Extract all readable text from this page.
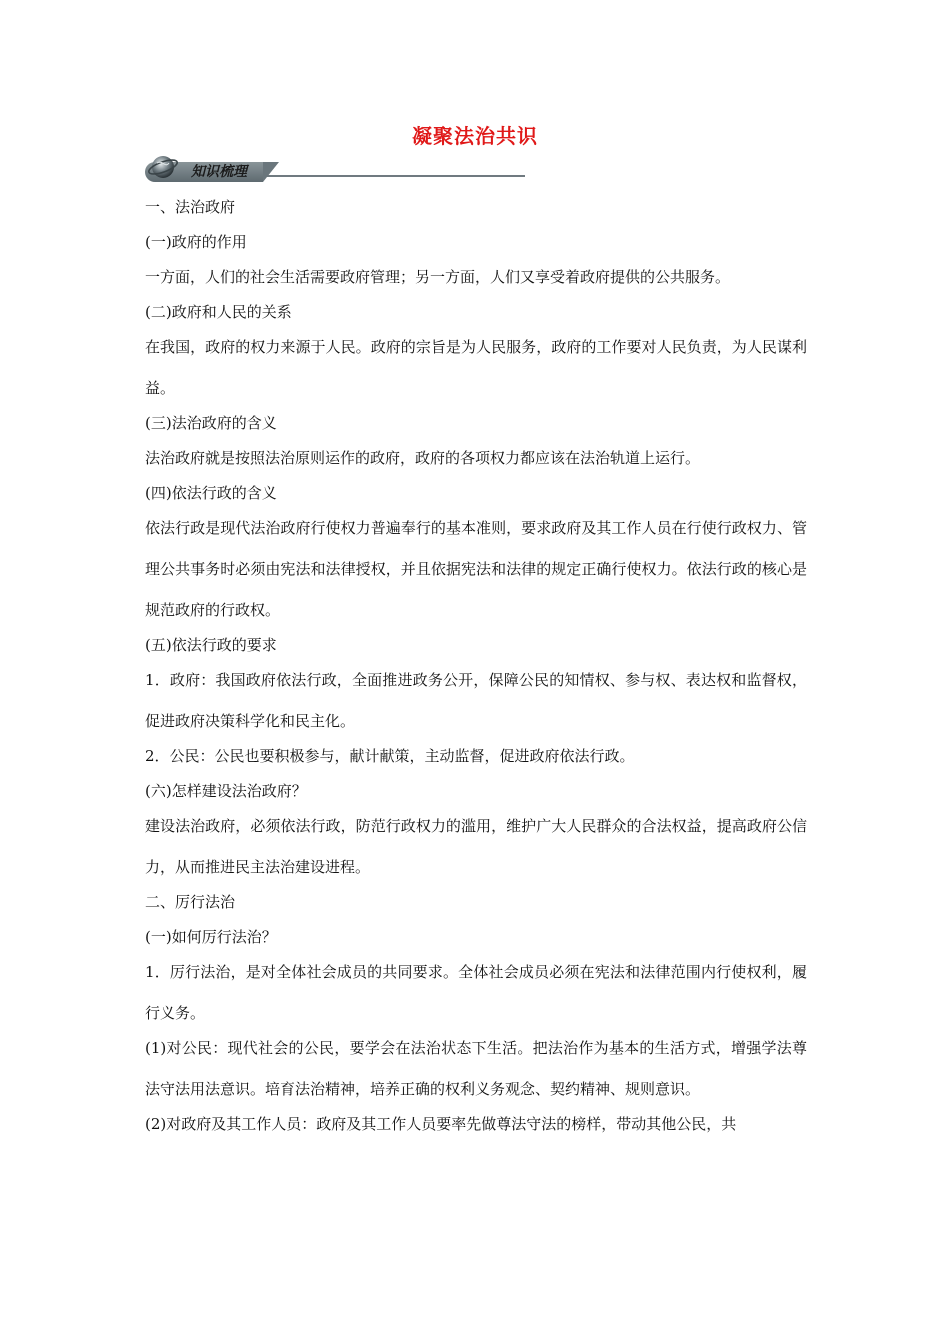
凝聚法治共识
知识梳理

一、法治政府

(一)政府的作用

一方面，人们的社会生活需要政府管理；另一方面，人们又享受着政府提供的公共服务。

(二)政府和人民的关系

在我国，政府的权力来源于人民。政府的宗旨是为人民服务，政府的工作要对人民负责，为人民谋利益。

(三)法治政府的含义

法治政府就是按照法治原则运作的政府，政府的各项权力都应该在法治轨道上运行。

(四)依法行政的含义

依法行政是现代法治政府行使权力普遍奉行的基本准则，要求政府及其工作人员在行使行政权力、管理公共事务时必须由宪法和法律授权，并且依据宪法和法律的规定正确行使权力。依法行政的核心是规范政府的行政权。

(五)依法行政的要求

1．政府：我国政府依法行政，全面推进政务公开，保障公民的知情权、参与权、表达权和监督权，促进政府决策科学化和民主化。

2．公民：公民也要积极参与，献计献策，主动监督，促进政府依法行政。

(六)怎样建设法治政府？

建设法治政府，必须依法行政，防范行政权力的滥用，维护广大人民群众的合法权益，提高政府公信力，从而推进民主法治建设进程。

二、厉行法治

(一)如何厉行法治？

1．厉行法治，是对全体社会成员的共同要求。全体社会成员必须在宪法和法律范围内行使权利，履行义务。

(1)对公民：现代社会的公民，要学会在法治状态下生活。把法治作为基本的生活方式，增强学法尊法守法用法意识。培育法治精神，培养正确的权利义务观念、契约精神、规则意识。

(2)对政府及其工作人员：政府及其工作人员要率先做尊法守法的榜样，带动其他公民，共
